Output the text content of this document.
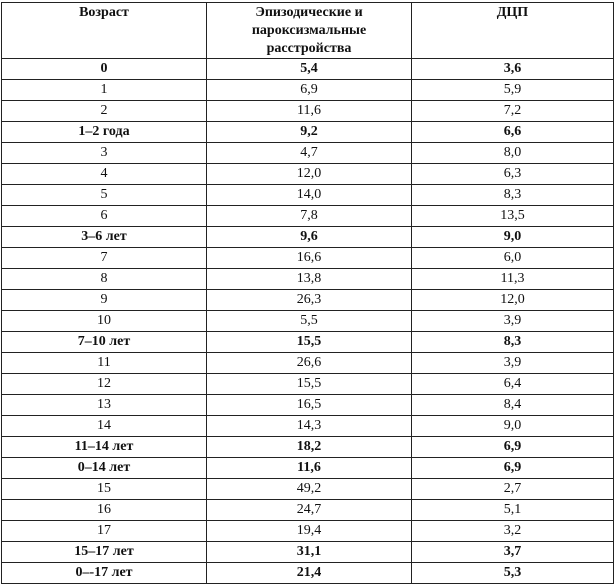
Возраст	Эпизодические и пароксизмальные расстройства	ДЦП
0	5,4	3,6
1	6,9	5,9
2	11,6	7,2
1–2 года	9,2	6,6
3	4,7	8,0
4	12,0	6,3
5	14,0	8,3
6	7,8	13,5
3–6 лет	9,6	9,0
7	16,6	6,0
8	13,8	11,3
9	26,3	12,0
10	5,5	3,9
7–10 лет	15,5	8,3
11	26,6	3,9
12	15,5	6,4
13	16,5	8,4
14	14,3	9,0
11–14 лет	18,2	6,9
0–14 лет	11,6	6,9
15	49,2	2,7
16	24,7	5,1
17	19,4	3,2
15–17 лет	31,1	3,7
0–-17 лет	21,4	5,3
